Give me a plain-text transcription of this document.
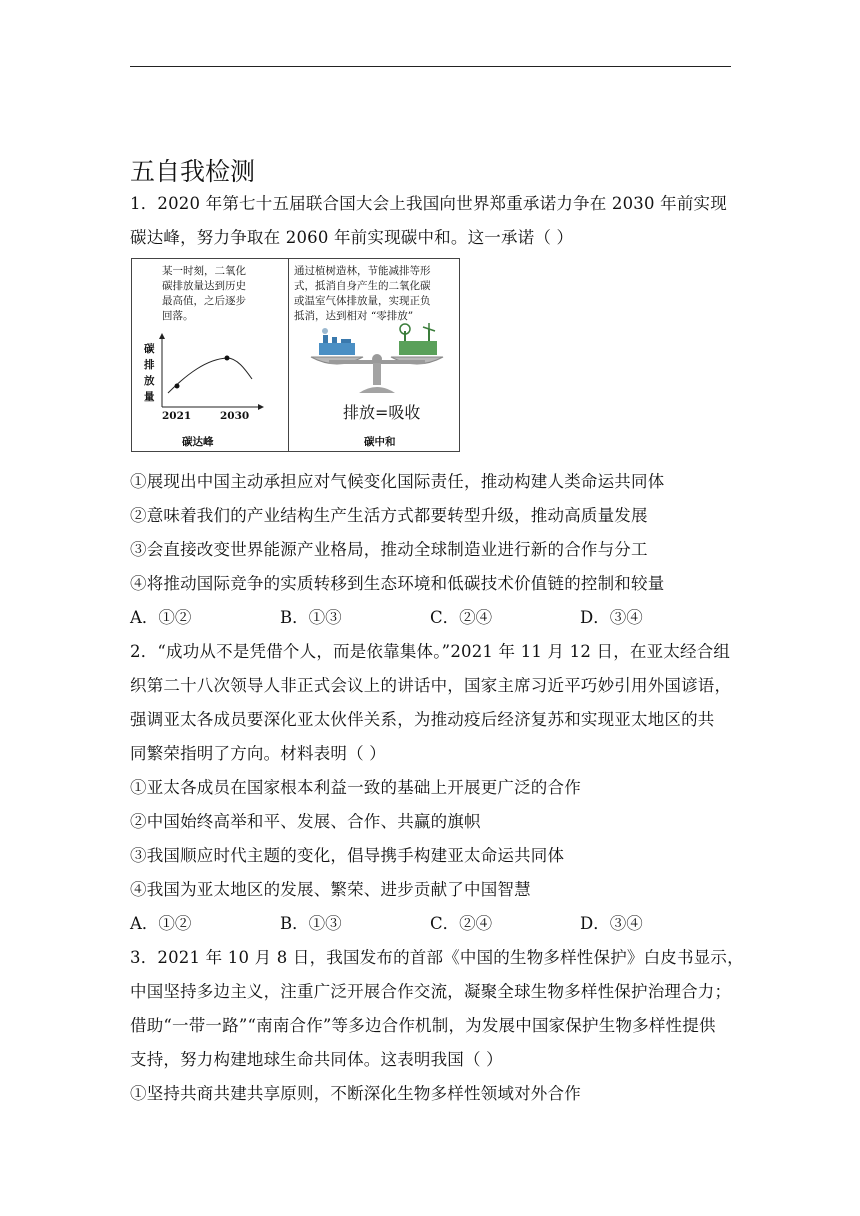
五自我检测
1．2020 年第七十五届联合国大会上我国向世界郑重承诺力争在 2030 年前实现
碳达峰，努力争取在 2060 年前实现碳中和。这一承诺（ ）
某一时刻，二氧化
碳排放量达到历史
最高值，之后逐步
回落。
碳
排
放
量
2021	2030
碳达峰
通过植树造林，节能减排等形
式，抵消自身产生的二氧化碳
或温室气体排放量，实现正负
抵消，达到相对 “零排放”
排放=吸收
碳中和
①展现出中国主动承担应对气候变化国际责任，推动构建人类命运共同体
②意味着我们的产业结构生产生活方式都要转型升级，推动高质量发展
③会直接改变世界能源产业格局，推动全球制造业进行新的合作与分工
④将推动国际竞争的实质转移到生态环境和低碳技术价值链的控制和较量
A．①②	B．①③	C．②④	D．③④
2．“成功从不是凭借个人，而是依靠集体。”2021 年 11 月 12 日，在亚太经合组
织第二十八次领导人非正式会议上的讲话中，国家主席习近平巧妙引用外国谚语，
强调亚太各成员要深化亚太伙伴关系，为推动疫后经济复苏和实现亚太地区的共
同繁荣指明了方向。材料表明（ ）
①亚太各成员在国家根本利益一致的基础上开展更广泛的合作
②中国始终高举和平、发展、合作、共赢的旗帜
③我国顺应时代主题的变化，倡导携手构建亚太命运共同体
④我国为亚太地区的发展、繁荣、进步贡献了中国智慧
A．①②	B．①③	C．②④	D．③④
3．2021 年 10 月 8 日，我国发布的首部《中国的生物多样性保护》白皮书显示，
中国坚持多边主义，注重广泛开展合作交流，凝聚全球生物多样性保护治理合力；
借助“一带一路”“南南合作”等多边合作机制，为发展中国家保护生物多样性提供
支持，努力构建地球生命共同体。这表明我国（ ）
①坚持共商共建共享原则，不断深化生物多样性领域对外合作
